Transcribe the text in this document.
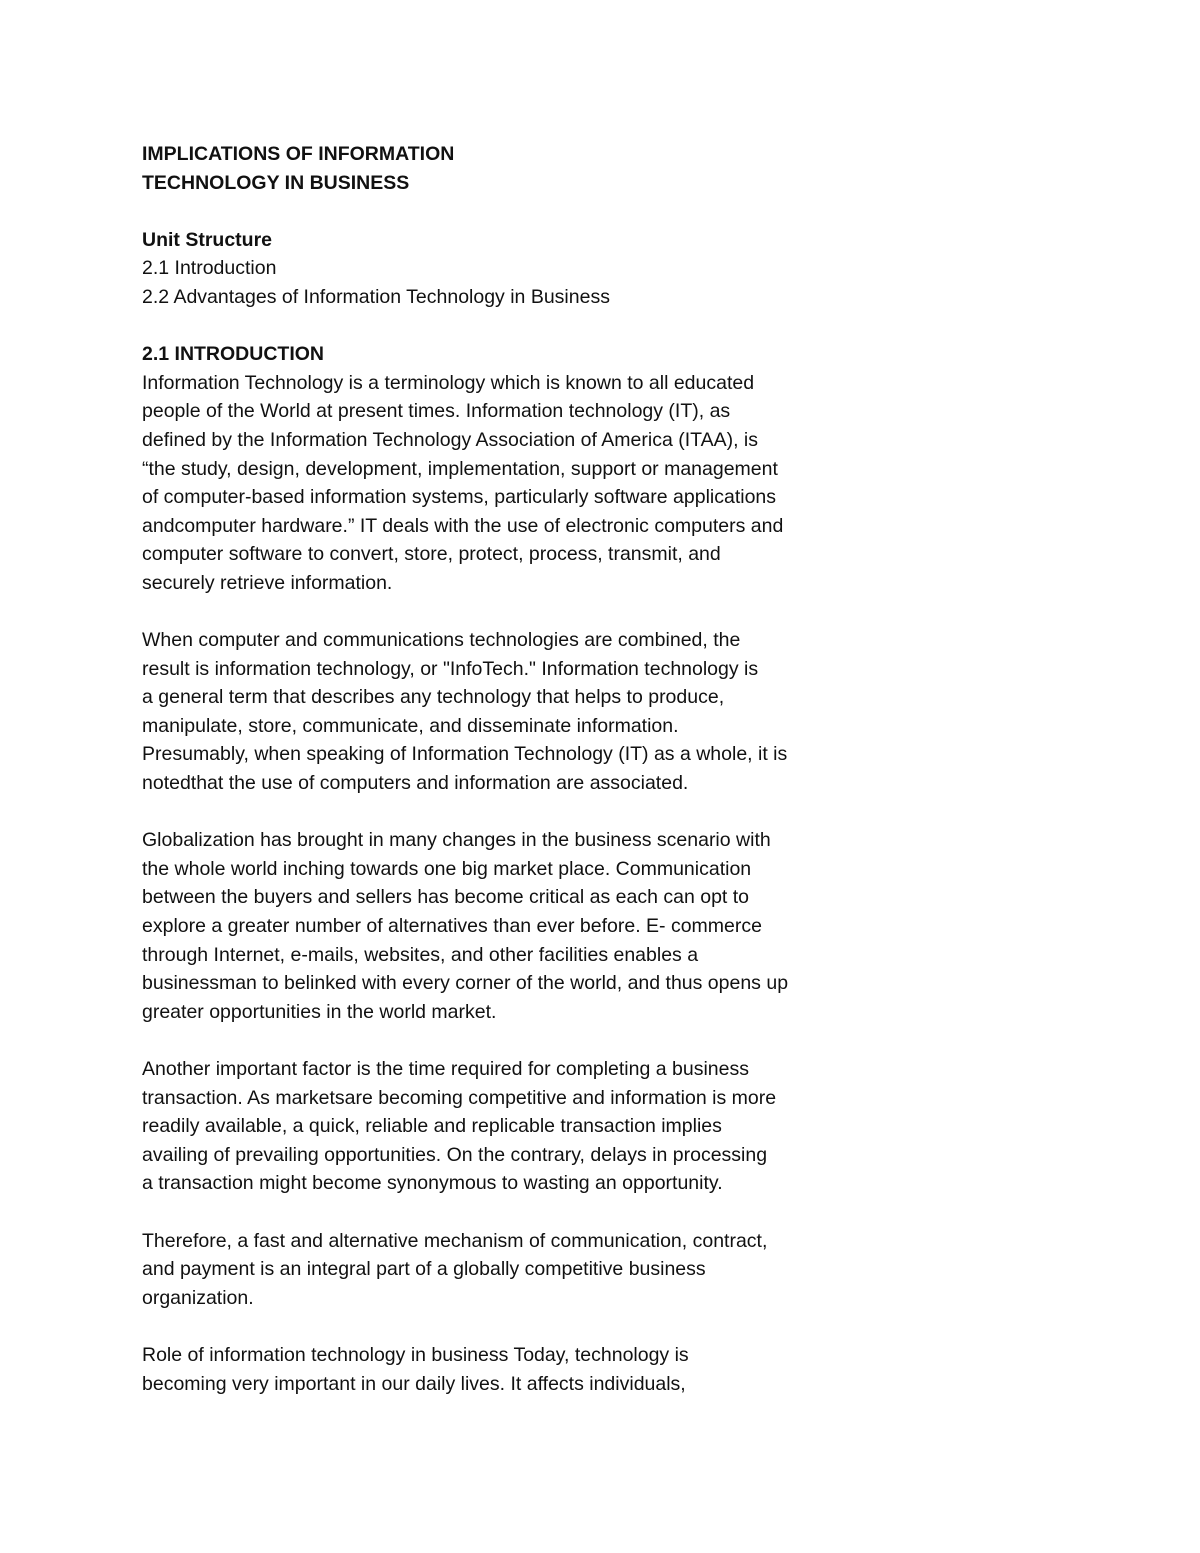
IMPLICATIONS OF INFORMATION
TECHNOLOGY IN BUSINESS
Unit Structure
2.1 Introduction
2.2 Advantages of Information Technology in Business
2.1 INTRODUCTION
Information Technology is a terminology which is known to all educated
people of the World at present times. Information technology (IT), as
defined by the Information Technology Association of America (ITAA), is
“the study, design, development, implementation, support or management
of computer-based information systems, particularly software applications
andcomputer hardware.” IT deals with the use of electronic computers and
computer software to convert, store, protect, process, transmit, and
securely retrieve information.
When computer and communications technologies are combined, the
result is information technology, or "InfoTech." Information technology is
a general term that describes any technology that helps to produce,
manipulate, store, communicate, and disseminate information.
Presumably, when speaking of Information Technology (IT) as a whole, it is
notedthat the use of computers and information are associated.
Globalization has brought in many changes in the business scenario with
the whole world inching towards one big market place. Communication
between the buyers and sellers has become critical as each can opt to
explore a greater number of alternatives than ever before. E- commerce
through Internet, e-mails, websites, and other facilities enables a
businessman to belinked with every corner of the world, and thus opens up
greater opportunities in the world market.
Another important factor is the time required for completing a business
transaction. As marketsare becoming competitive and information is more
readily available, a quick, reliable and replicable transaction implies
availing of prevailing opportunities. On the contrary, delays in processing
a transaction might become synonymous to wasting an opportunity.
Therefore, a fast and alternative mechanism of communication, contract,
and payment is an integral part of a globally competitive business
organization.
Role of information technology in business Today, technology is
becoming very important in our daily lives. It affects individuals,
